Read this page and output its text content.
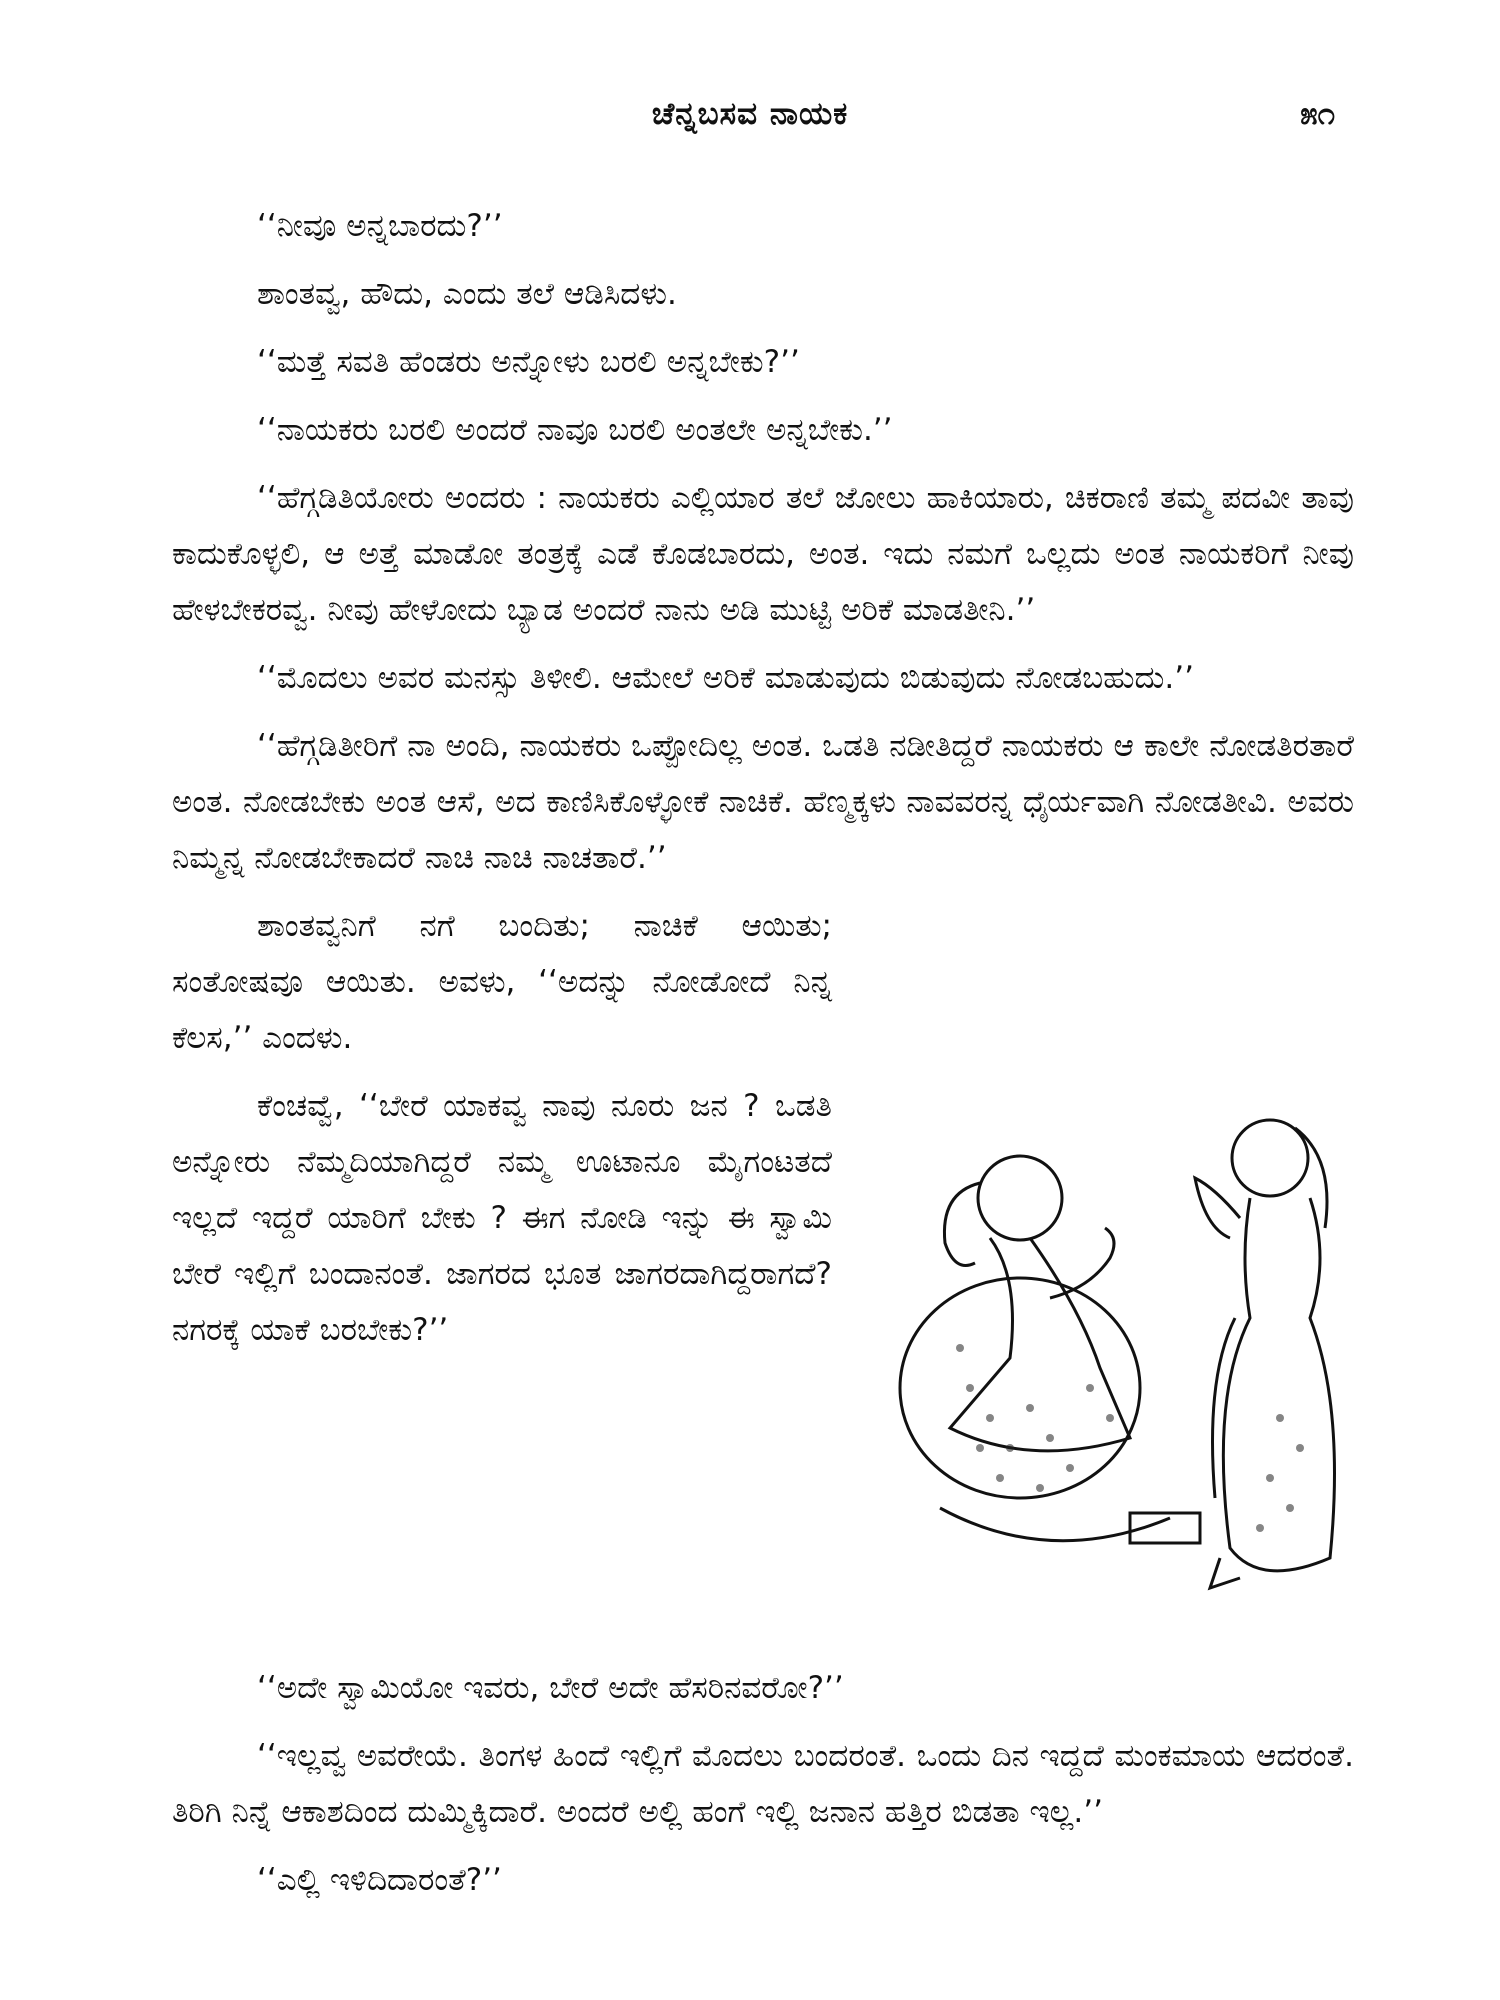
ಚೆನ್ನಬಸವ ನಾಯಕ	೫೧

‘‘ನೀವೂ ಅನ್ನಬಾರದು?’’

ಶಾಂತವ್ವ, ಹೌದು, ಎಂದು ತಲೆ ಆಡಿಸಿದಳು.

‘‘ಮತ್ತೆ ಸವತಿ ಹೆಂಡರು ಅನ್ನೋಳು ಬರಲಿ ಅನ್ನಬೇಕು?’’

‘‘ನಾಯಕರು ಬರಲಿ ಅಂದರೆ ನಾವೂ ಬರಲಿ ಅಂತಲೇ ಅನ್ನಬೇಕು.’’

‘‘ಹೆಗ್ಗಡಿತಿಯೋರು ಅಂದರು : ನಾಯಕರು ಎಲ್ಲಿಯಾರ ತಲೆ ಜೋಲು ಹಾಕಿಯಾರು, ಚಿಕರಾಣಿ ತಮ್ಮ ಪದವೀ ತಾವು ಕಾದುಕೊಳ್ಳಲಿ, ಆ ಅತ್ತೆ ಮಾಡೋ ತಂತ್ರಕ್ಕೆ ಎಡೆ ಕೊಡಬಾರದು, ಅಂತ. ಇದು ನಮಗೆ ಒಲ್ಲದು ಅಂತ ನಾಯಕರಿಗೆ ನೀವು ಹೇಳಬೇಕರವ್ವ. ನೀವು ಹೇಳೋದು ಬ್ಯಾಡ ಅಂದರೆ ನಾನು ಅಡಿ ಮುಟ್ಟಿ ಅರಿಕೆ ಮಾಡತೀನಿ.’’

‘‘ಮೊದಲು ಅವರ ಮನಸ್ಸು ತಿಳೀಲಿ. ಆಮೇಲೆ ಅರಿಕೆ ಮಾಡುವುದು ಬಿಡುವುದು ನೋಡಬಹುದು.’’

‘‘ಹೆಗ್ಗಡಿತೀರಿಗೆ ನಾ ಅಂದಿ, ನಾಯಕರು ಒಪ್ಪೋದಿಲ್ಲ ಅಂತ. ಒಡತಿ ನಡೀತಿದ್ದರೆ ನಾಯಕರು ಆ ಕಾಲೇ ನೋಡತಿರತಾರೆ ಅಂತ. ನೋಡಬೇಕು ಅಂತ ಆಸೆ, ಅದ ಕಾಣಿಸಿಕೊಳ್ಳೋಕೆ ನಾಚಿಕೆ. ಹೆಣ್ಮಕ್ಕಳು ನಾವವರನ್ನ ಧೈರ್ಯವಾಗಿ ನೋಡತೀವಿ. ಅವರು ನಿಮ್ಮನ್ನ ನೋಡಬೇಕಾದರೆ ನಾಚಿ ನಾಚಿ ನಾಚತಾರೆ.’’

ಶಾಂತವ್ವನಿಗೆ ನಗೆ ಬಂದಿತು; ನಾಚಿಕೆ ಆಯಿತು; ಸಂತೋಷವೂ ಆಯಿತು. ಅವಳು, ‘‘ಅದನ್ನು ನೋಡೋದೆ ನಿನ್ನ ಕೆಲಸ,’’ ಎಂದಳು.

ಕೆಂಚವ್ವೆ, ‘‘ಬೇರೆ ಯಾಕವ್ವ ನಾವು ನೂರು ಜನ ? ಒಡತಿ ಅನ್ನೋರು ನೆಮ್ಮದಿಯಾಗಿದ್ದರೆ ನಮ್ಮ ಊಟಾನೂ ಮೈಗಂಟತದೆ ಇಲ್ಲದೆ ಇದ್ದರೆ ಯಾರಿಗೆ ಬೇಕು ? ಈಗ ನೋಡಿ ಇನ್ನು ಈ ಸ್ವಾಮಿ ಬೇರೆ ಇಲ್ಲಿಗೆ ಬಂದಾನಂತೆ. ಜಾಗರದ ಭೂತ ಜಾಗರದಾಗಿದ್ದರಾಗದೆ? ನಗರಕ್ಕೆ ಯಾಕೆ ಬರಬೇಕು?’’

‘‘ಅದೇ ಸ್ವಾಮಿಯೋ ಇವರು, ಬೇರೆ ಅದೇ ಹೆಸರಿನವರೋ?’’

‘‘ಇಲ್ಲವ್ವ ಅವರೇಯೆ. ತಿಂಗಳ ಹಿಂದೆ ಇಲ್ಲಿಗೆ ಮೊದಲು ಬಂದರಂತೆ. ಒಂದು ದಿನ ಇದ್ದದೆ ಮಂಕಮಾಯ ಆದರಂತೆ. ತಿರಿಗಿ ನಿನ್ನೆ ಆಕಾಶದಿಂದ ದುಮ್ಮಿಕ್ಕಿದಾರೆ. ಅಂದರೆ ಅಲ್ಲಿ ಹಂಗೆ ಇಲ್ಲಿ ಜನಾನ ಹತ್ತಿರ ಬಿಡತಾ ಇಲ್ಲ.’’

‘‘ಎಲ್ಲಿ ಇಳಿದಿದಾರಂತೆ?’’
